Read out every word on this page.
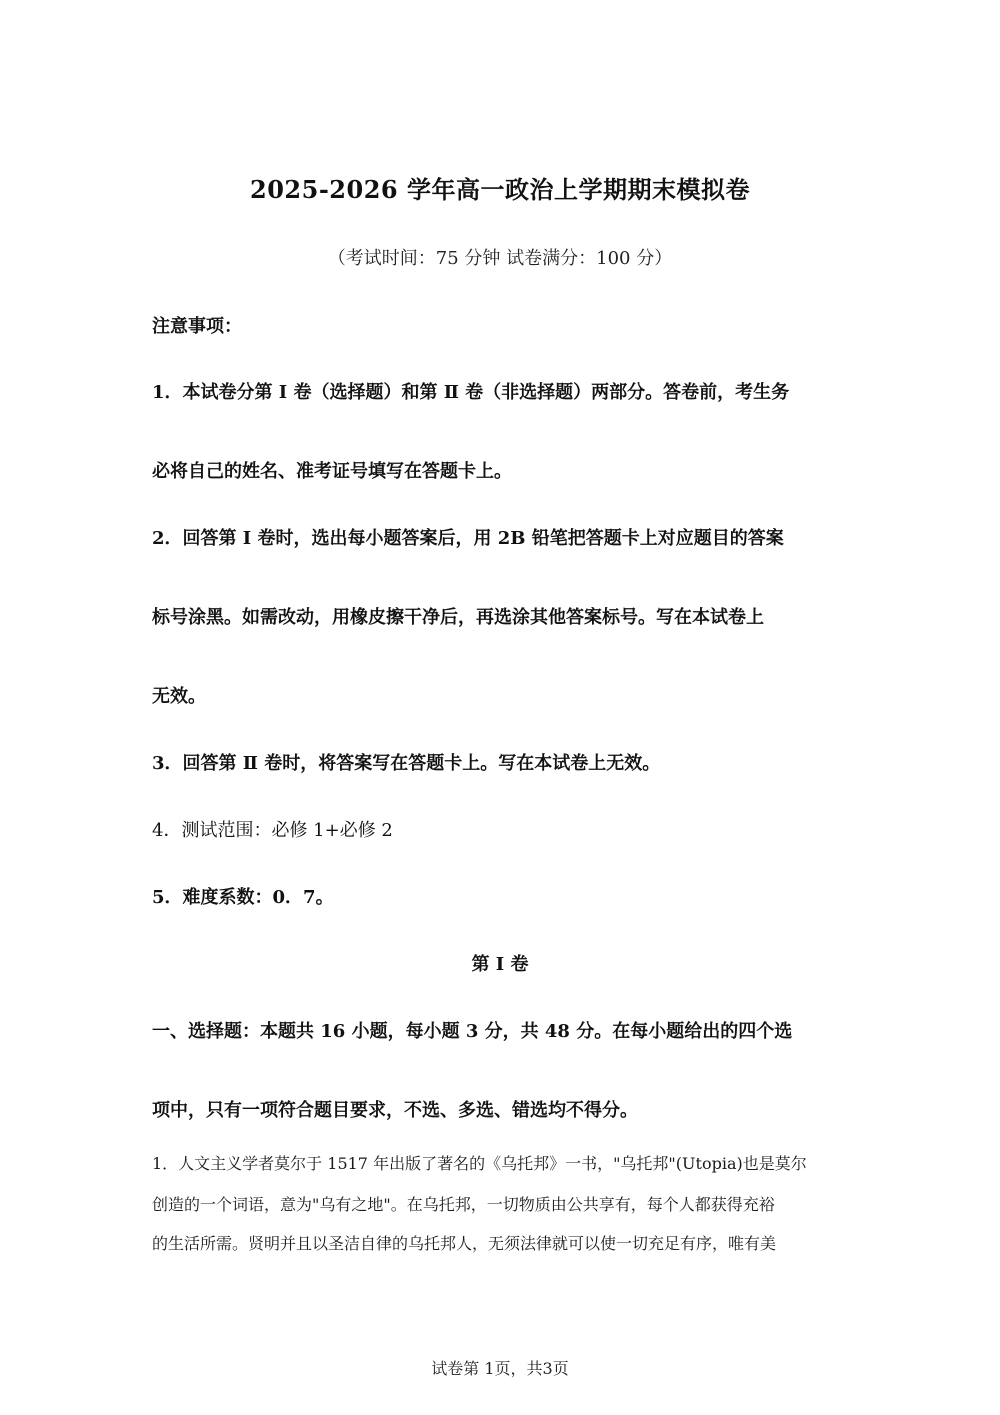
2025-2026 学年高一政治上学期期末模拟卷
（考试时间：75 分钟 试卷满分：100 分）
注意事项：
1．本试卷分第 Ⅰ 卷（选择题）和第 Ⅱ 卷（非选择题）两部分。答卷前，考生务
必将自己的姓名、准考证号填写在答题卡上。
2．回答第 Ⅰ 卷时，选出每小题答案后，用 2B 铅笔把答题卡上对应题目的答案
标号涂黑。如需改动，用橡皮擦干净后，再选涂其他答案标号。写在本试卷上
无效。
3．回答第 Ⅱ 卷时，将答案写在答题卡上。写在本试卷上无效。
4．测试范围：必修 1+必修 2
5．难度系数：0．7。
第 Ⅰ 卷
一、选择题：本题共 16 小题，每小题 3 分，共 48 分。在每小题给出的四个选
项中，只有一项符合题目要求，不选、多选、错选均不得分。
1．人文主义学者莫尔于 1517 年出版了著名的《乌托邦》一书，"乌托邦"(Utopia)也是莫尔
创造的一个词语，意为"乌有之地"。在乌托邦，一切物质由公共享有，每个人都获得充裕
的生活所需。贤明并且以圣洁自律的乌托邦人，无须法律就可以使一切充足有序，唯有美
试卷第 1页，共3页
